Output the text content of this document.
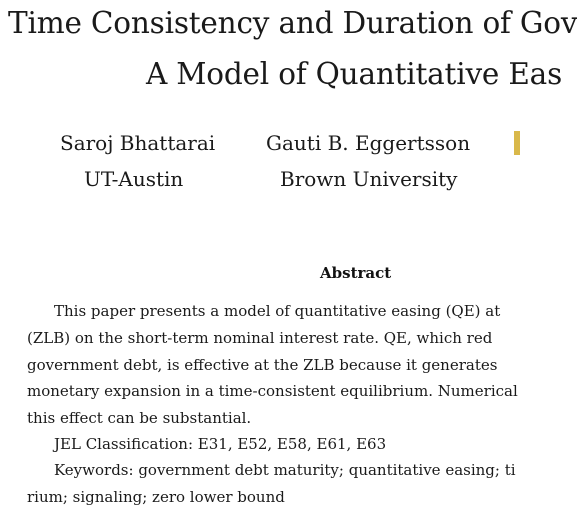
Time Consistency and Duration of Gov
A Model of Quantitative Eas
Saroj Bhattarai
UT-Austin
Gauti B. Eggertsson
Brown University
Abstract
This paper presents a model of quantitative easing (QE) at
(ZLB) on the short-term nominal interest rate. QE, which red
government debt, is effective at the ZLB because it generates
monetary expansion in a time-consistent equilibrium. Numerical
this effect can be substantial.
JEL Classification: E31, E52, E58, E61, E63
Keywords: government debt maturity; quantitative easing; ti
rium; signaling; zero lower bound
